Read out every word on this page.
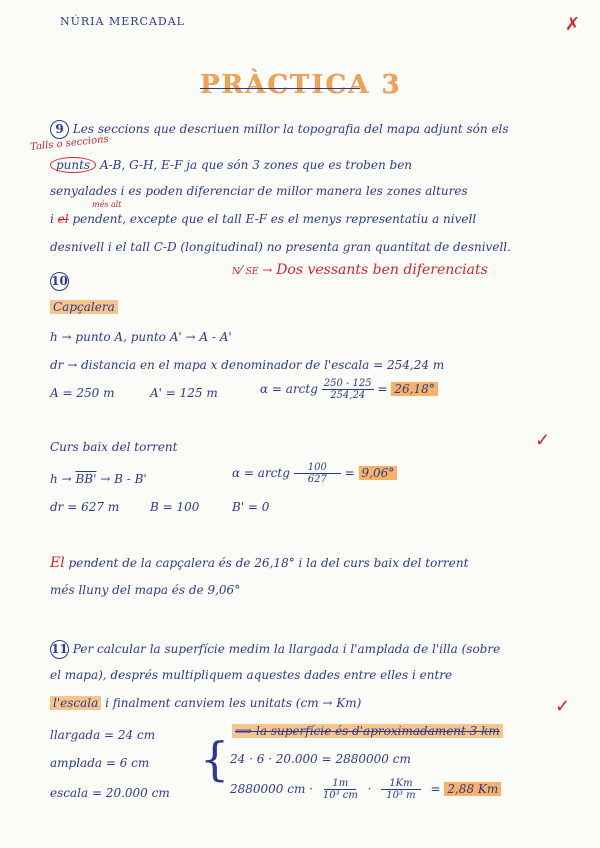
NÚRIA MERCADAL	✗
PRÀCTICA 3
9 Les seccions que descriuen millor la topografia del mapa adjunt són els
Talls o seccions
punts A-B, G-H, E-F ja que són 3 zones que es troben ben
senyalades i es poden diferenciar de millor manera les zones altures
més alt
i el pendent, excepte que el tall E-F es el menys representatiu a nivell
desnivell i el tall C-D (longitudinal) no presenta gran quantitat de desnivell.
N⁄ SE → Dos vessants ben diferenciats
10
Capçalera
h → punto A, punto A' → A - A'
dr → distancia en el mapa x denominador de l'escala = 254,24 m
A = 250 m	A' = 125 m	α = arctg $\frac{250 - 125}{254,24} = 26,18^\circ$
✓
Curs baix del torrent
h → BB' → B - B'	α = arctg $\frac{100}{627} = 9,06^\circ$
dr = 627 m	B = 100	B' = 0
El pendent de la capçalera és de 26,18° i la del curs baix del torrent
més lluny del mapa és de 9,06°
11 Per calcular la superfície medim la llargada i l'amplada de l'illa (sobre
el mapa), després multipliquem aquestes dades entre elles i entre
l'escala i finalment canviem les unitats (cm → Km)	✓
llargada = 24 cm
amplada = 6 cm
escala = 20.000 cm
{
⟹ la superfície és d'aproximadament 3 km
24 · 6 · 20.000 = 2880000 cm
2880000 cm · $\frac{1m}{\text{10³ cm}} \cdot \frac{1Km}{\text{10³ m}} = 2,88$ Km
